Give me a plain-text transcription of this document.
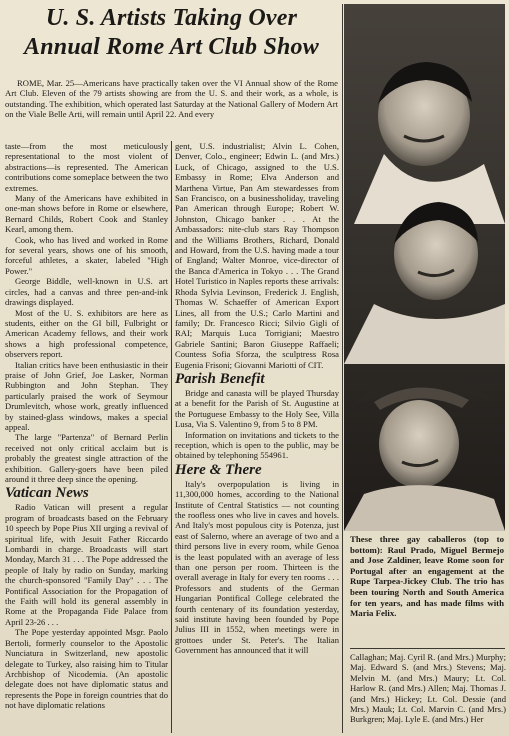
U. S. Artists Taking Over
Annual Rome Art Club Show
ROME, Mar. 25—Americans have practically taken over the VI Annual show of the Rome Art Club. Eleven of the 79 artists showing are from the U. S. and their work, as a whole, is outstanding. The exhibition, which operated last Saturday at the National Gallery of Modern Art on the Viale Belle Arti, will remain until April 22. And every

taste—from the most meticulously representational to the most violent of abstractions—is represented. The American contributions come someplace between the two extremes.

Many of the Americans have exhibited in one-man shows before in Rome or elsewhere, Bernard Childs, Robert Cook and Stanley Kearl, among them.

Cook, who has lived and worked in Rome for several years, shows one of his smooth, forceful athletes, a skater, labeled "High Power."

George Biddle, well-known in U.S. art circles, had a canvas and three pen-and-ink drawings displayed.

Most of the U. S. exhibitors are here as students, either on the GI bill, Fulbright or American Academy fellows, and their work shows a high professional competence, observers report.

Italian critics have been enthusiastic in their praise of John Grief, Joe Lasker, Norman Rubbington and John Stephan. They particularly praised the work of Seymour Drumlevitch, whose work, greatly influenced by stained-glass windows, makes a special appeal.

The large "Partenza" of Bernard Perlin received not only critical acclaim but is probably the greatest single attraction of the exhibition. Gallery-goers have been piled around it three deep since the opening.

Vatican News

Radio Vatican will present a regular program of broadcasts based on the February 10 speech by Pope Pius XII urging a revival of spiritual life, with Jesuit Father Riccardo Lombardi in charge. Broadcasts will start Monday, March 31 . . . The Pope addressed the people of Italy by radio on Sunday, marking the church-sponsored "Family Day" . . . The Pontifical Association for the Propagation of the Faith will hold its general assembly in Rome at the Propaganda Fide Palace from April 23-26 . . .

The Pope yesterday appointed Msgr. Paolo Bertoli, formerly counselor to the Apostolic Nunciatura in Switzerland, new apostolic delegate to Turkey, also raising him to Titular Archbishop of Nicodemia. (An apostolic delegate does not have diplomatic status and represents the Pope in foreign countries that do not have diplomatic relations

gent, U.S. industrialist; Alvin L. Cohen, Denver, Colo., engineer; Edwin L. (and Mrs.) Luck, of Chicago, assigned to the U.S. Embassy in Rome; Elva Anderson and Marthena Virtue, Pan Am stewardesses from San Francisco, on a businessholiday, traveling Pan American through Europe; Robert W. Johnston, Chicago banker . . . At the Ambassadors: nite-club stars Ray Thompson and the Williams Brothers, Richard, Donald and Howard, from the U.S. having made a tour of England; Walter Monroe, vice-director of the Banca d'America in Tokyo . . . The Grand Hotel Turistico in Naples reports these arrivals: Rhoda Sylvia Levinson, Frederick J. English, Thomas W. Schaeffer of American Export Lines, all from the U.S.; Carlo Martini and family; Dr. Francesco Ricci; Silvio Gigli of RAI; Marquis Luca Torrigiani; Maestro Gabriele Santini; Baron Giuseppe Raffaeli; Countess Sofia Sforza, the sculptress Rosa Eugenia Frisoni; Giovanni Mariotti of CIT.

Parish Benefit

Bridge and canasta will be played Thursday at a benefit for the Parish of St. Augustine at the Portuguese Embassy to the Holy See, Villa Lusa, Via S. Valentino 9, from 5 to 8 PM.

Information on invitations and tickets to the reception, which is open to the public, may be obtained by telephoning 554961.

Here & There

Italy's overpopulation is living in 11,300,000 homes, according to the National Institute of Central Statistics — not counting the roofless ones who live in caves and hovels. And Italy's most populous city is Potenza, just east of Salerno, where an average of two and a third persons live in every room, while Genoa is the least populated with an average of less than one person per room. Thirteen is the overall average in Italy for every ten rooms . . . Professors and students of the German Hungarian Pontifical College celebrated the fourth centenary of its foundation yesterday, said institute having been founded by Pope Julius III in 1552, when meetings were in grottoes under St. Peter's. The Italian Government has announced that it will

These three gay caballeros (top to bottom): Raul Prado, Miguel Bermejo and Jose Zaldiner, leave Rome soon for Portugal after an engagement at the Rupe Tarpea-Jickey Club. The trio has been touring North and South America for ten years, and has made films with Maria Felix.
Callaghan; Maj. Cyril R. (and Mrs.) Murphy; Maj. Edward S. (and Mrs.) Stevens; Maj. Melvin M. (and Mrs.) Maury; Lt. Col. Harlow R. (and Mrs.) Allen; Maj. Thomas J. (and Mrs.) Hickey; Lt. Col. Dessie (and Mrs.) Mauk; Lt. Col. Marvin C. (and Mrs.) Burkgren; Maj. Lyle E. (and Mrs.) Her
